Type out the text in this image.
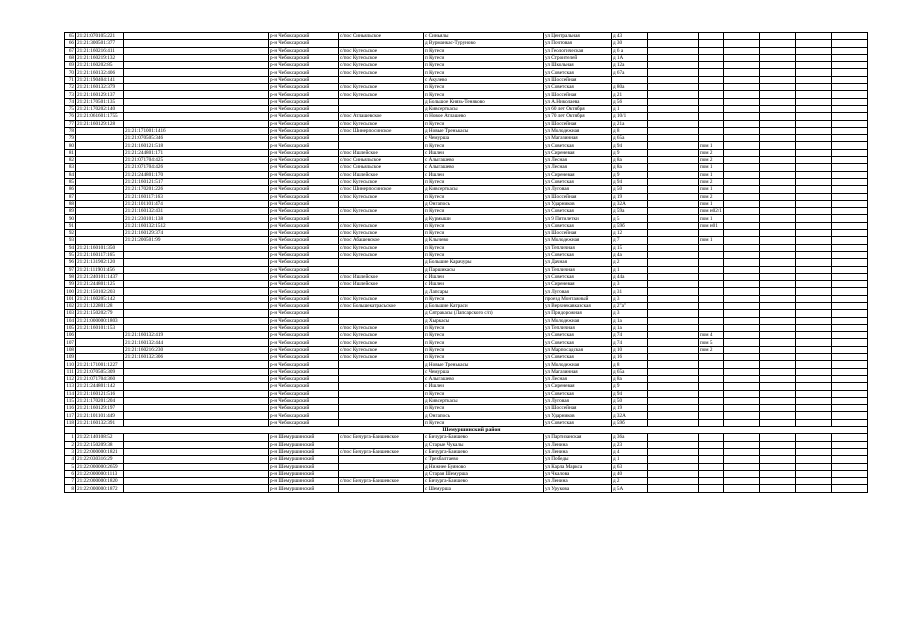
65	21:21:070105:221		р-н Чебоксарский	с/пос Синьяльское	с Синьялы	ул Центральная	д 43						
66	21:21:300501:377		р-н Чебоксарский		д Вурманкас-Туруново	ул Почтовая	д 30						
67	21:21:160216:411		р-н Чебоксарский	с/пос Кугесьское	п Кугеси	ул Геологическая	д 6 а						
68	21:21:160219:132		р-н Чебоксарский	с/пос Кугесьское	п Кугеси	ул Строителей	д 1А						
69	21:21:160202:85		р-н Чебоксарский	с/пос Кугесьское	п Кугеси	ул Школьная	д 12а						
70	21:21:160132:406		р-н Чебоксарский	с/пос Кугесьское	п Кугеси	ул Советская	д 67а						
71	21:21:190404:141		р-н Чебоксарский		с Акулево	ул Шоссейная							
72	21:21:160132:379		р-н Чебоксарский	с/пос Кугесьское	п Кугеси	ул Советская	д 80а						
73	21:21:160129:137		р-н Чебоксарский	с/пос Кугесьское	п Кугеси	ул Шоссейная	д 21						
74	21:21:170501:135		р-н Чебоксарский		д Большое Князь-Теняково	ул А.Николаева	д 56						
75	21:21:170202:140		р-н Чебоксарский		д Кивсерткасы	ул 60 лет Октября	д 1						
76	21:21:061601:1755		р-н Чебоксарский	с/пос Атлашевское	п Новое Атлашево	ул 70 лет Октября	д 10/1						
77	21:21:160129:128		р-н Чебоксарский	с/пос Кугесьское	п Кугеси	ул Шоссейная	д 21а						
78		21:21:171001:1416	р-н Чебоксарский	с/пос Шинерпосинское	д Новые Тренькасы	ул Молодежная	д 8						
79		21:21:070505:346	р-н Чебоксарский		с Чемурша	ул Магазинная	д 65а						
80		21:21:160121:518	р-н Чебоксарский		п Кугеси	ул Советская	д 94		пом 1				
81		21:21:244801:171	р-н Чебоксарский	с/пос Ишлейское	с Ишлеи	ул Сиреневая	д 9		пом 2				
82		21:21:071704:425	р-н Чебоксарский	с/пос Синьяльское	с Алыгашево	ул Лесная	д 8а		пом 2				
83		21:21:071704:426	р-н Чебоксарский	с/пос Синьяльское	с Алыгашево	ул Лесная	д 8а		пом 1				
84		21:21:244801:170	р-н Чебоксарский	с/пос Ишлейское	с Ишлеи	ул Сиреневая	д 9		пом 1				
85		21:21:160121:517	р-н Чебоксарский	с/пос Кугесьское	п Кугеси	ул Советская	д 94		пом 2				
86		21:21:170201:226	р-н Чебоксарский	с/пос Шинерпосинское	д Кивсерткасы	ул Луговая	д 50		пом 1				
87		21:21:160117:163	р-н Чебоксарский	с/пос Кугесьское	п Кугеси	ул Шоссейная	д 19		пом 2				
88		21:21:101101:474	р-н Чебоксарский		д Онгапось	ул Ударников	д 32А		пом 1				
89		21:21:160132:431	р-н Чебоксарский	с/пос Кугесьское	п Кугеси	ул Советская	д 59а		пом н02/1				
90		21:21:230101:138	р-н Чебоксарский		д Курмыши	ул 9 Пятилетки	д 5		пом 1				
91		21:21:160132:1512	р-н Чебоксарский	с/пос Кугесьское	п Кугеси	ул Советская	д 59б		пом н01				
92		21:21:160129:374	р-н Чебоксарский	с/пос Кугесьское	п Кугеси	ул Шоссейная	д 12						
93		21:21:200501:99	р-н Чебоксарский	с/пос Абашевское	д Клычево	ул Молодежная	д 7		пом 1				
94	21:21:160101:350		р-н Чебоксарский	с/пос Кугесьское	п Кугеси	ул Тепличная	д 15						
95	21:21:160117:165		р-н Чебоксарский	с/пос Кугесьское	п Кугеси	ул Советская	д 4а						
96	21:21:131902:120		р-н Чебоксарский		д Большие Карачуры	ул Дачная	д 2						
97	21:21:111901:456		р-н Чебоксарский		д Паршикасы	ул Тепличная	д 1						
98	21:21:240101:1437		р-н Чебоксарский	с/пос Ишлейское	с Ишлеи	ул Советская	д 44а						
99	21:21:244801:125		р-н Чебоксарский	с/пос Ишлейское	с Ишлеи	ул Сиреневая	д 3						
100	21:21:150102:203		р-н Чебоксарский		д Лапсары	ул Луговая	д 31						
101	21:21:160205:142		р-н Чебоксарский	с/пос Кугесьское	п Кугеси	проезд Монтажный	д 3						
102	21:21:122801:28		р-н Чебоксарский	с/пос Большекатрасьское	д Большие Катраси	ул Верхнекавказская	д 2"а"						
103	21:21:150202:79		р-н Чебоксарский		д Сятракасы (Лапсарского с/п)	ул Придорожная	д 3						
104	21:21:000000:1803		р-н Чебоксарский		д Хыркасы	ул Молодежная	д 1а						
105	21:21:160101:153		р-н Чебоксарский	с/пос Кугесьское	п Кугеси	ул Тепличная	д 1а						
106		21:21:160132:419	р-н Чебоксарский	с/пос Кугесьское	п Кугеси	ул Советская	д 74		пом 4				
107		21:21:160132:444	р-н Чебоксарский	с/пос Кугесьское	п Кугеси	ул Советская	д 74		пом 5				
108		21:21:160216:230	р-н Чебоксарский	с/пос Кугесьское	п Кугеси	ул Марпосадская	д 10		пом 2				
109		21:21:160132:306	р-н Чебоксарский	с/пос Кугесьское	п Кугеси	ул Советская	д 16						
110	21:21:171001:1227		р-н Чебоксарский		д Новые Тренькасы	ул Молодежная	д 8						
111	21:21:070505:309		р-н Чебоксарский		с Чемурша	ул Магазинная	д 65а						
112	21:21:071704:360		р-н Чебоксарский		с Алыгашево	ул Лесная	д 8а						
113	21:21:244801:142		р-н Чебоксарский		с Ишлеи	ул Сиреневая	д 9						
114	21:21:160121:516		р-н Чебоксарский		п Кугеси	ул Советская	д 94						
115	21:21:170201:204		р-н Чебоксарский		д Кивсерткасы	ул Луговая	д 50						
116	21:21:160129:197		р-н Чебоксарский		п Кугеси	ул Шоссейная	д 19						
117	21:21:101101:449		р-н Чебоксарский		д Онгапось	ул Ударников	д 32А						
118	21:21:160132:391		р-н Чебоксарский		п Кугеси	ул Советская	д 59б						
	Шемуршинский район												
1	21:22:140108:52		р-н Шемуршинский	с/пос Бичурга-Баишевское	с Бичурга-Баишево	ул Партизанская	д 36а						
2	21:22:150209:38		р-н Шемуршинский		д Старые Чукалы	ул Ленина	д 23						
3	21:22:000000:1821		р-н Шемуршинский	с/пос Бичурга-Баишевское	с Бичурга-Баишево	ул Ленина	д 4						
4	21:22:030316:29		р-н Шемуршинский		с Трехбалтаево	ул Победы	д 1						
5	21:22:000000:2659		р-н Шемуршинский		д Нижнее Буяново	ул Карла Маркса	д 63						
6	21:22:000000:1113		р-н Шемуршинский		д Старая Шемурша	ул Чкалова	д 40						
7	21:22:000000:1820		р-н Шемуршинский	с/пос Бичурга-Баишевское	с Бичурга-Баишево	ул Ленина	д 2						
8	21:22:000000:1872		р-н Шемуршинский		с Шемурша	ул Урукова	д 5А						
